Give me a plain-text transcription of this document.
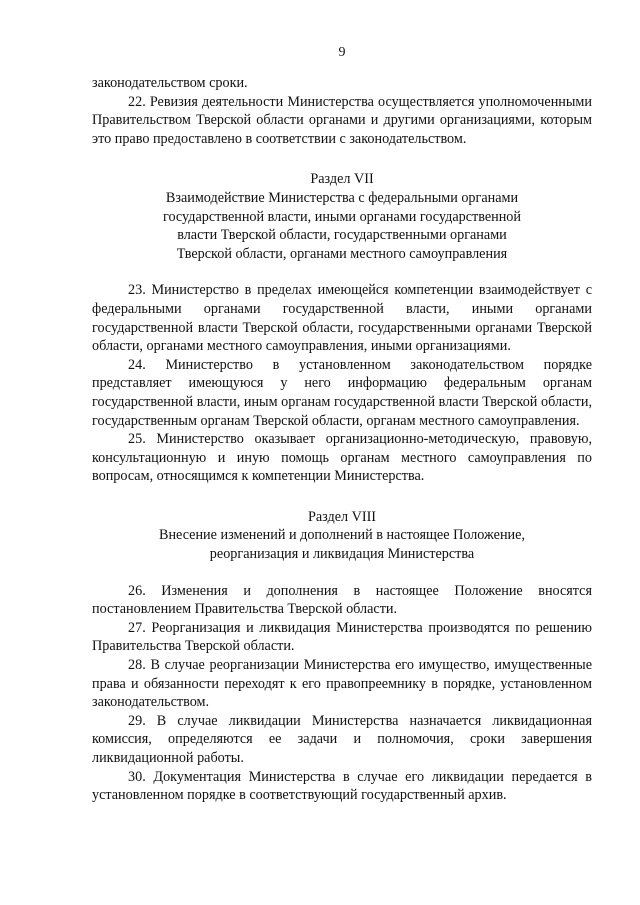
9

законодательством сроки.

22. Ревизия деятельности Министерства осуществляется уполномоченными Правительством Тверской области органами и другими организациями, которым это право предоставлено в соответствии с законодательством.

Раздел VII
Взаимодействие Министерства с федеральными органами
государственной власти, иными органами государственной
власти Тверской области, государственными органами
Тверской области, органами местного самоуправления

23. Министерство в пределах имеющейся компетенции взаимодействует с федеральными органами государственной власти, иными органами государственной власти Тверской области, государственными органами Тверской области, органами местного самоуправления, иными организациями.

24. Министерство в установленном законодательством порядке представляет имеющуюся у него информацию федеральным органам государственной власти, иным органам государственной власти Тверской области, государственным органам Тверской области, органам местного самоуправления.

25. Министерство оказывает организационно-методическую, правовую, консультационную и иную помощь органам местного самоуправления по вопросам, относящимся к компетенции Министерства.

Раздел VIII
Внесение изменений и дополнений в настоящее Положение,
реорганизация и ликвидация Министерства

26. Изменения и дополнения в настоящее Положение вносятся постановлением Правительства Тверской области.

27. Реорганизация и ликвидация Министерства производятся по решению Правительства Тверской области.

28. В случае реорганизации Министерства его имущество, имущественные права и обязанности переходят к его правопреемнику в порядке, установленном законодательством.

29. В случае ликвидации Министерства назначается ликвидационная комиссия, определяются ее задачи и полномочия, сроки завершения ликвидационной работы.

30. Документация Министерства в случае его ликвидации передается в установленном порядке в соответствующий государственный архив.
